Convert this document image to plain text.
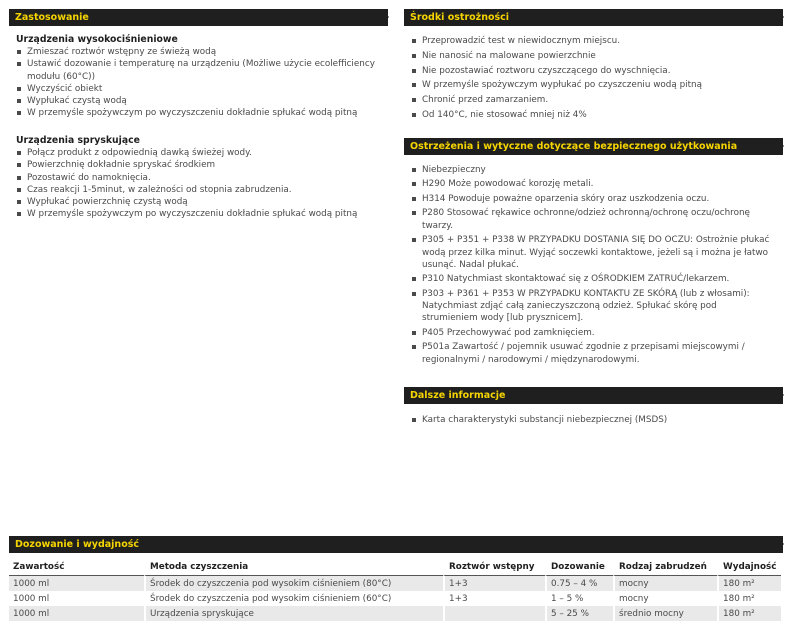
Zastosowanie
Urządzenia wysokociśnieniowe
Zmieszać roztwór wstępny ze świeżą wodą
Ustawić dozowanie i temperaturę na urządzeniu (Możliwe użycie ecolefficiency modułu (60°C))
Wyczyścić obiekt
Wypłukać czystą wodą
W przemyśle spożywczym po wyczyszczeniu dokładnie spłukać wodą pitną
Urządzenia spryskujące
Połącz produkt z odpowiednią dawką świeżej wody.
Powierzchnię dokładnie spryskać środkiem
Pozostawić do namoknięcia.
Czas reakcji 1-5minut, w zależności od stopnia zabrudzenia.
Wypłukać powierzchnię czystą wodą
W przemyśle spożywczym po wyczyszczeniu dokładnie spłukać wodą pitną
Środki ostrożności
Przeprowadzić test w niewidocznym miejscu.
Nie nanosić na malowane powierzchnie
Nie pozostawiać roztworu czyszczącego do wyschnięcia.
W przemyśle spożywczym wypłukać po czyszczeniu wodą pitną
Chronić przed zamarzaniem.
Od 140°C, nie stosować mniej niż 4%
Ostrzeżenia i wytyczne dotyczące bezpiecznego użytkowania
Niebezpieczny
H290 Może powodować korozję metali.
H314 Powoduje poważne oparzenia skóry oraz uszkodzenia oczu.
P280 Stosować rękawice ochronne/odzież ochronną/ochronę oczu/ochronę twarzy.
P305 + P351 + P338 W PRZYPADKU DOSTANIA SIĘ DO OCZU: Ostrożnie płukać wodą przez kilka minut. Wyjąć soczewki kontaktowe, jeżeli są i można je łatwo usunąć. Nadal płukać.
P310 Natychmiast skontaktować się z OŚRODKIEM ZATRUĆ/lekarzem.
P303 + P361 + P353 W PRZYPADKU KONTAKTU ZE SKÓRĄ (lub z włosami): Natychmiast zdjąć całą zanieczyszczoną odzież. Spłukać skórę pod strumieniem wody [lub prysznicem].
P405 Przechowywać pod zamknięciem.
P501a Zawartość / pojemnik usuwać zgodnie z przepisami miejscowymi / regionalnymi / narodowymi / międzynarodowymi.
Dalsze informacje
Karta charakterystyki substancji niebezpiecznej (MSDS)
Dozowanie i wydajność
Zawartość	Metoda czyszczenia	Roztwór wstępny	Dozowanie	Rodzaj zabrudzeń	Wydajność
1000 ml	Środek do czyszczenia pod wysokim ciśnieniem (80°C)	1+3	0.75 – 4 %	mocny	180 m²
1000 ml	Środek do czyszczenia pod wysokim ciśnieniem (60°C)	1+3	1 – 5 %	mocny	180 m²
1000 ml	Urządzenia spryskujące		5 – 25 %	średnio mocny	180 m²
